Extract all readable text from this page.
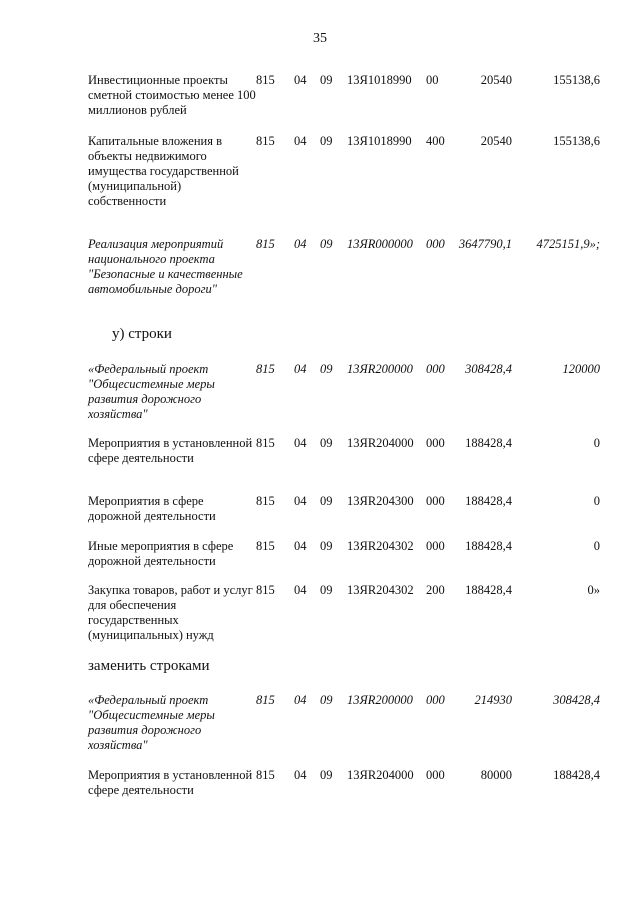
35
Инвестиционные проекты сметной стоимостью менее 100 миллионов рублей
815 04 09 13Я1018990 00	20540	155138,6
Капитальные вложения в объекты недвижимого имущества государственной (муниципальной) собственности
815 04 09 13Я1018990 400	20540	155138,6
Реализация мероприятий национального проекта "Безопасные и качественные автомобильные дороги"
815 04 09 13ЯR000000 000	3647790,1	4725151,9»;
у) строки
«Федеральный проект "Общесистемные меры развития дорожного хозяйства"
815 04 09 13ЯR200000 000	308428,4	120000
Мероприятия в установленной сфере деятельности
815 04 09 13ЯR204000 000	188428,4	0
Мероприятия в сфере дорожной деятельности
815 04 09 13ЯR204300 000	188428,4	0
Иные мероприятия в сфере дорожной деятельности
815 04 09 13ЯR204302 000	188428,4	0
Закупка товаров, работ и услуг для обеспечения государственных (муниципальных) нужд
815 04 09 13ЯR204302 200	188428,4	0»
заменить строками
«Федеральный проект "Общесистемные меры развития дорожного хозяйства"
815 04 09 13ЯR200000 000	214930	308428,4
Мероприятия в установленной сфере деятельности
815 04 09 13ЯR204000 000	80000	188428,4
